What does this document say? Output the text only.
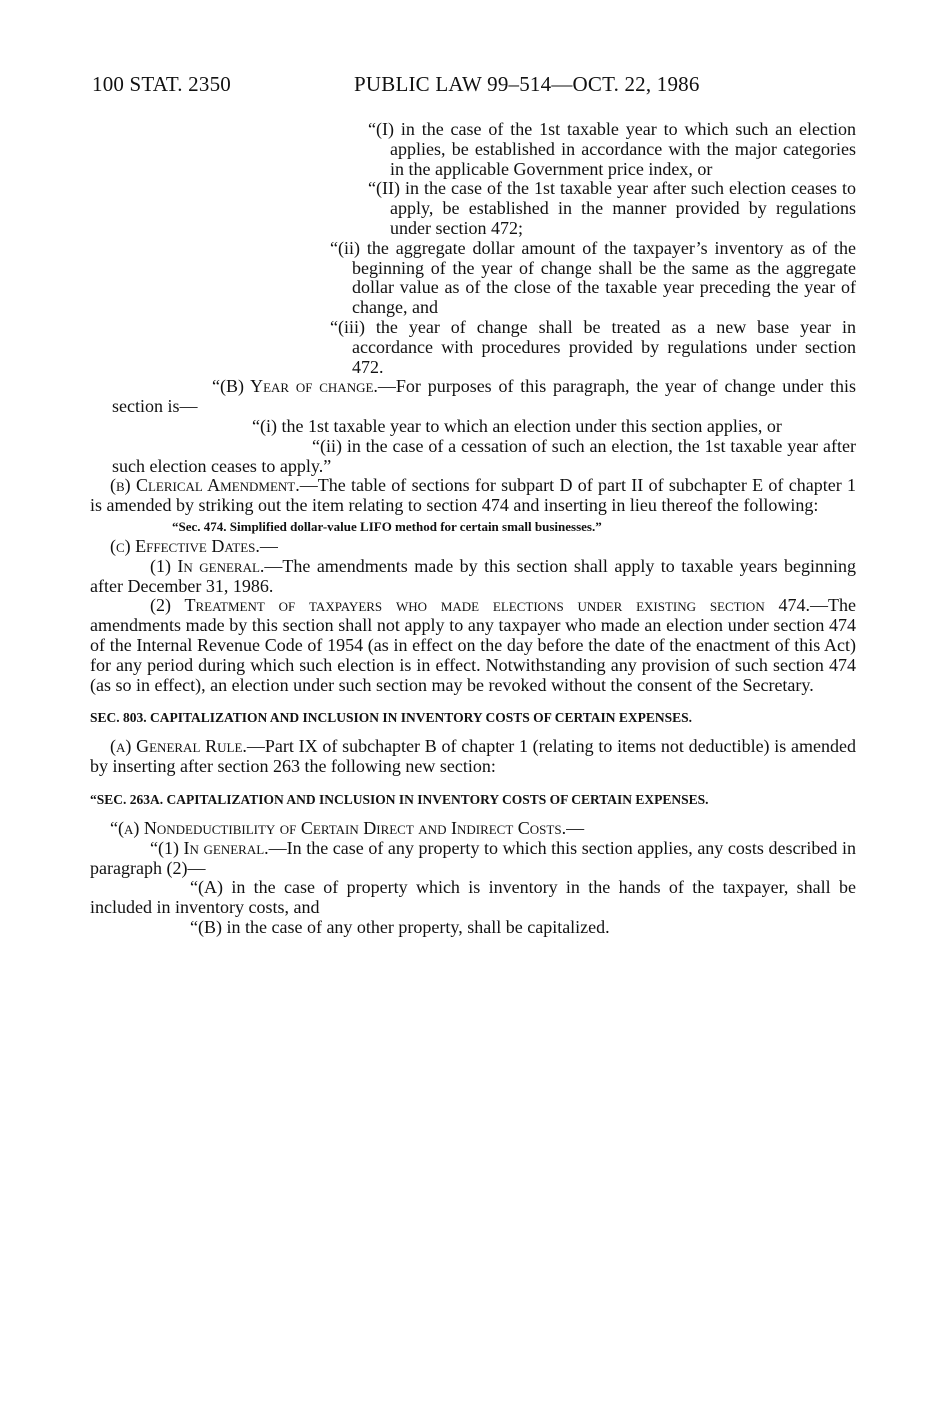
100 STAT. 2350	PUBLIC LAW 99–514—OCT. 22, 1986

“(I) in the case of the 1st taxable year to which such an election applies, be established in accordance with the major categories in the applicable Government price index, or

“(II) in the case of the 1st taxable year after such election ceases to apply, be established in the manner provided by regulations under section 472;

“(ii) the aggregate dollar amount of the taxpayer’s inventory as of the beginning of the year of change shall be the same as the aggregate dollar value as of the close of the taxable year preceding the year of change, and

“(iii) the year of change shall be treated as a new base year in accordance with procedures provided by regulations under section 472.

“(B) Year of change.—For purposes of this paragraph, the year of change under this section is—

“(i) the 1st taxable year to which an election under this section applies, or

“(ii) in the case of a cessation of such an election, the 1st taxable year after such election ceases to apply.”

(b) Clerical Amendment.—The table of sections for subpart D of part II of subchapter E of chapter 1 is amended by striking out the item relating to section 474 and inserting in lieu thereof the following:

“Sec. 474. Simplified dollar-value LIFO method for certain small businesses.”

(c) Effective Dates.—

(1) In general.—The amendments made by this section shall apply to taxable years beginning after December 31, 1986.

(2) Treatment of taxpayers who made elections under existing section 474.—The amendments made by this section shall not apply to any taxpayer who made an election under section 474 of the Internal Revenue Code of 1954 (as in effect on the day before the date of the enactment of this Act) for any period during which such election is in effect. Notwithstanding any provision of such section 474 (as so in effect), an election under such section may be revoked without the consent of the Secretary.

SEC. 803. CAPITALIZATION AND INCLUSION IN INVENTORY COSTS OF CERTAIN EXPENSES.

(a) General Rule.—Part IX of subchapter B of chapter 1 (relating to items not deductible) is amended by inserting after section 263 the following new section:

“SEC. 263A. CAPITALIZATION AND INCLUSION IN INVENTORY COSTS OF CERTAIN EXPENSES.

“(a) Nondeductibility of Certain Direct and Indirect Costs.—

“(1) In general.—In the case of any property to which this section applies, any costs described in paragraph (2)—

“(A) in the case of property which is inventory in the hands of the taxpayer, shall be included in inventory costs, and

“(B) in the case of any other property, shall be capitalized.
